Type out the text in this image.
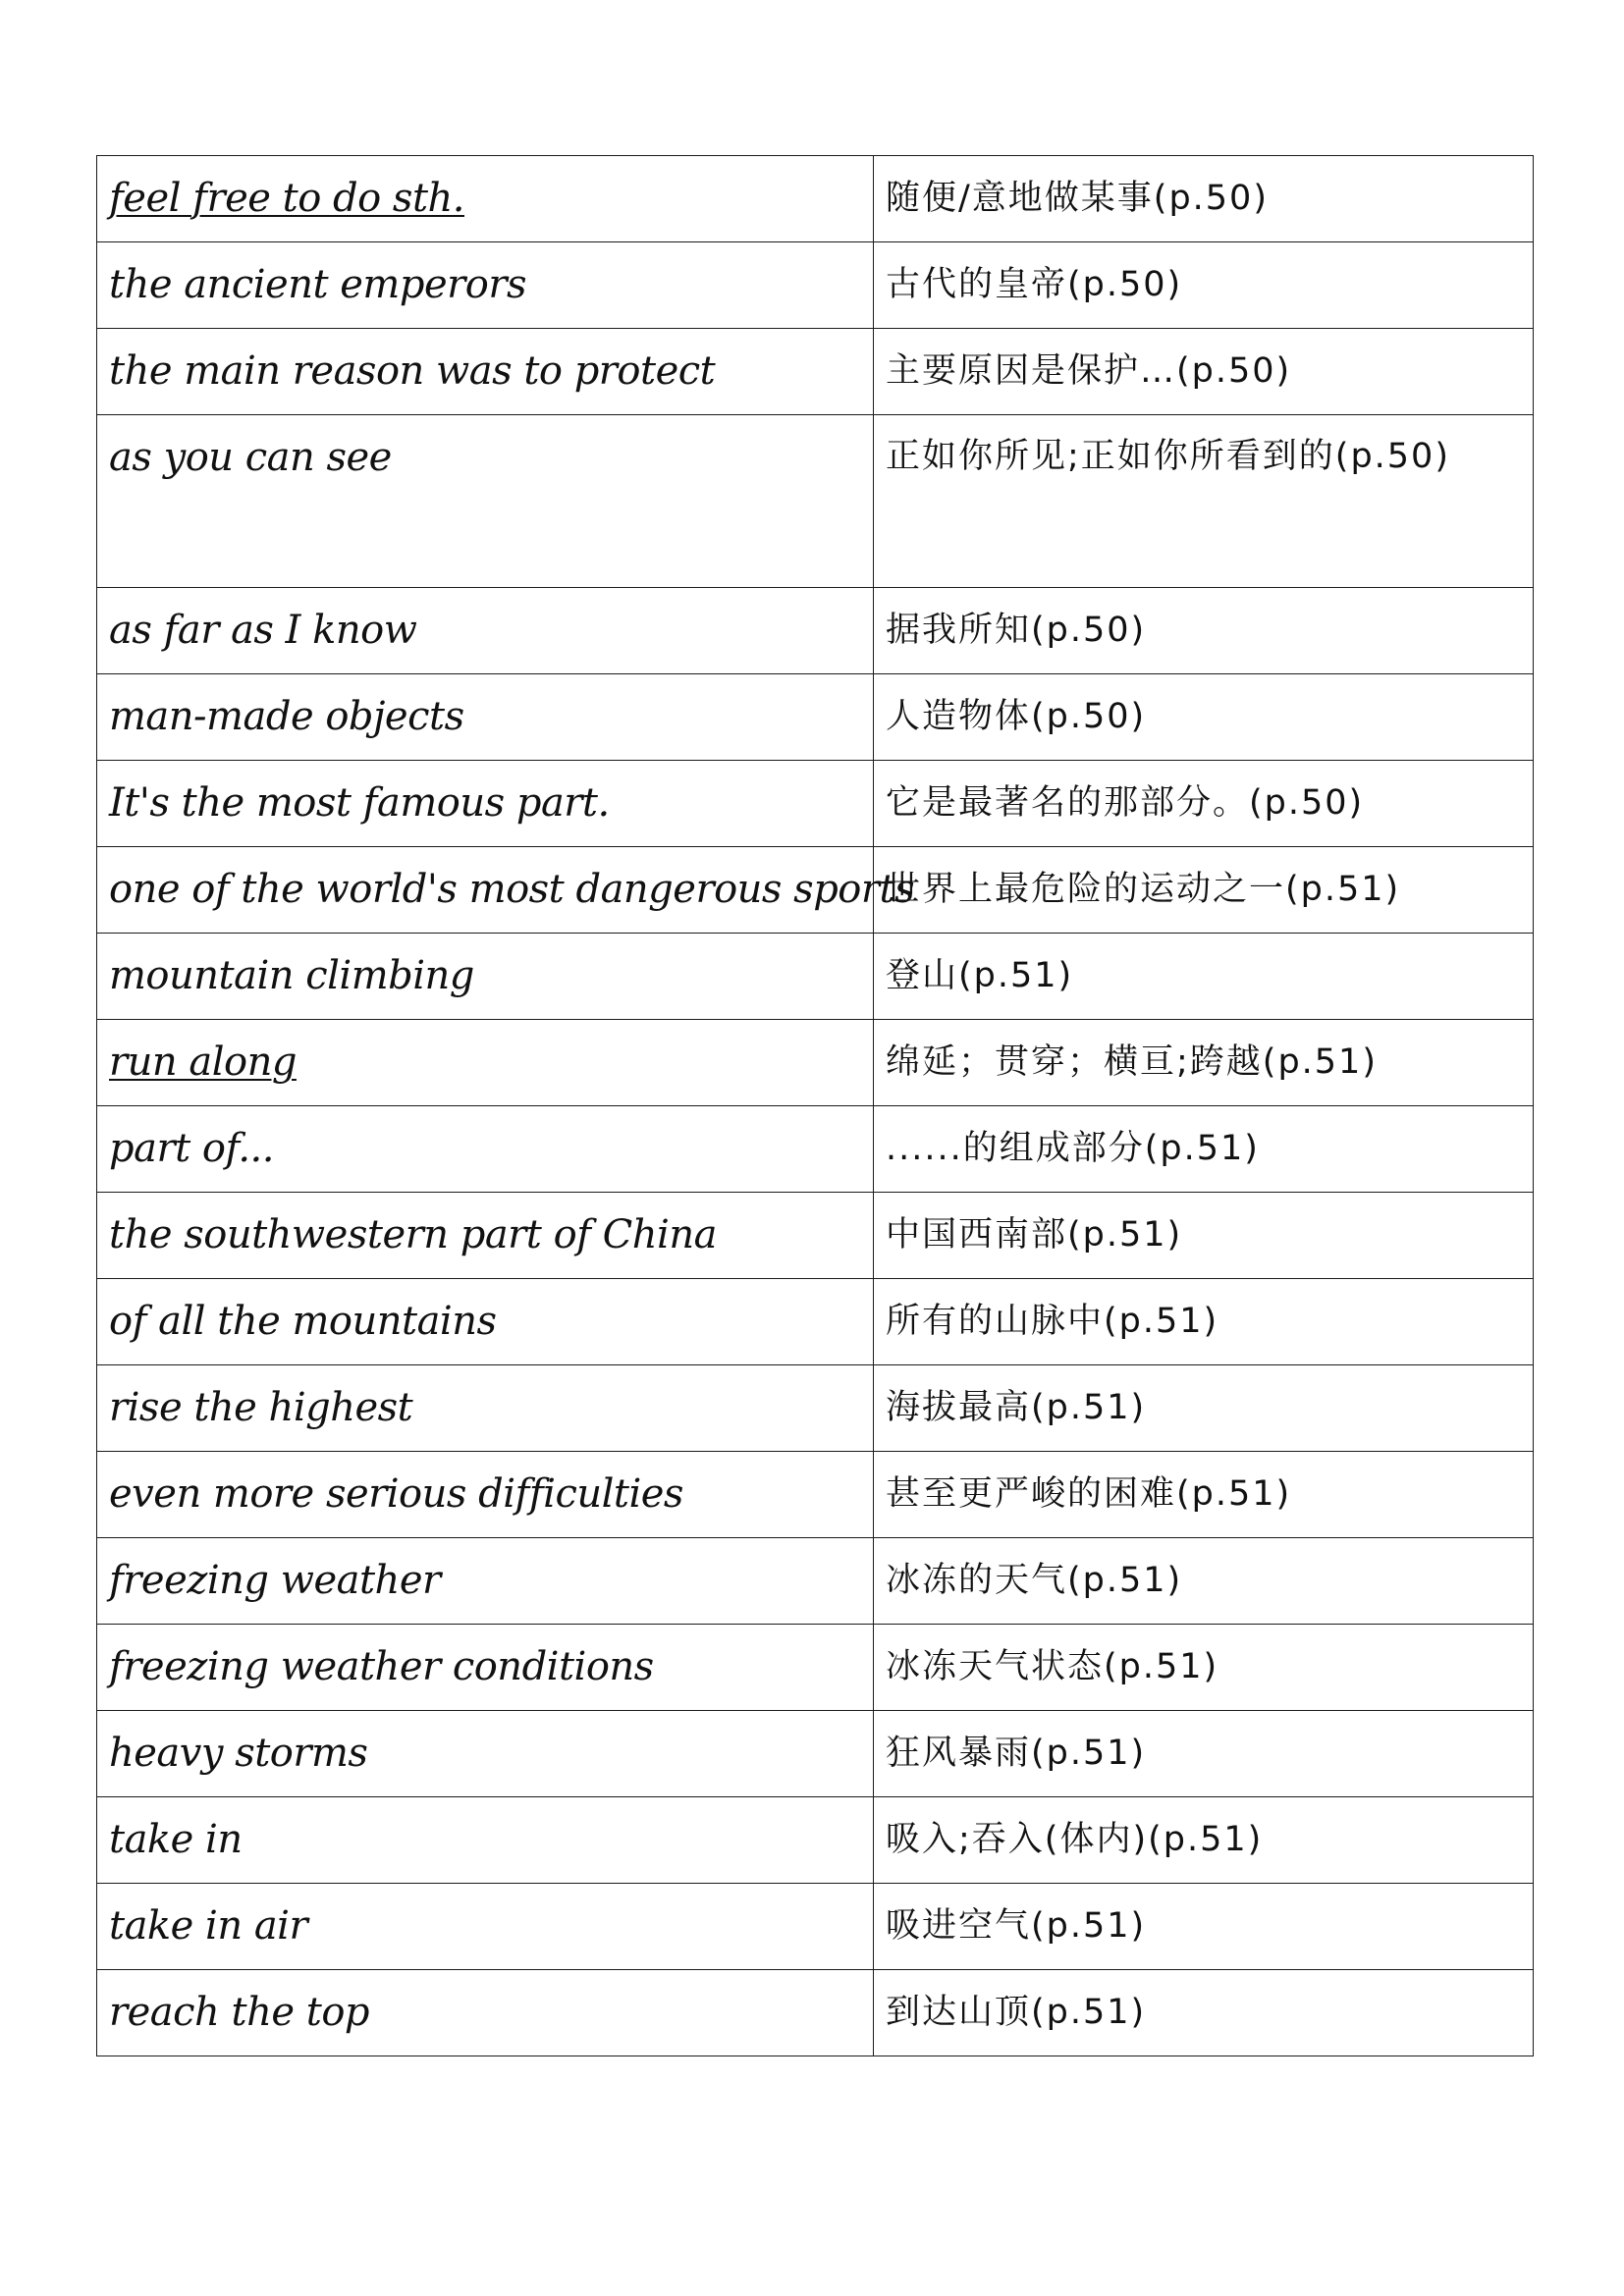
feel free to do sth.	随便/意地做某事(p.50)
the ancient emperors	古代的皇帝(p.50)
the main reason was to protect	主要原因是保护…(p.50)
as you can see	正如你所见;正如你所看到的(p.50)
as far as I know	据我所知(p.50)
man-made objects	人造物体(p.50)
It's the most famous part.	它是最著名的那部分。(p.50)
one of the world's most dangerous sports	世界上最危险的运动之一(p.51)
mountain climbing	登山(p.51)
run along	绵延；贯穿；横亘;跨越(p.51)
part of...	......的组成部分(p.51)
the southwestern part of China	中国西南部(p.51)
of all the mountains	所有的山脉中(p.51)
rise the highest	海拔最高(p.51)
even more serious difficulties	甚至更严峻的困难(p.51)
freezing weather	冰冻的天气(p.51)
freezing weather conditions	冰冻天气状态(p.51)
heavy storms	狂风暴雨(p.51)
take in	吸入;吞入(体内)(p.51)
take in air	吸进空气(p.51)
reach the top	到达山顶(p.51)
